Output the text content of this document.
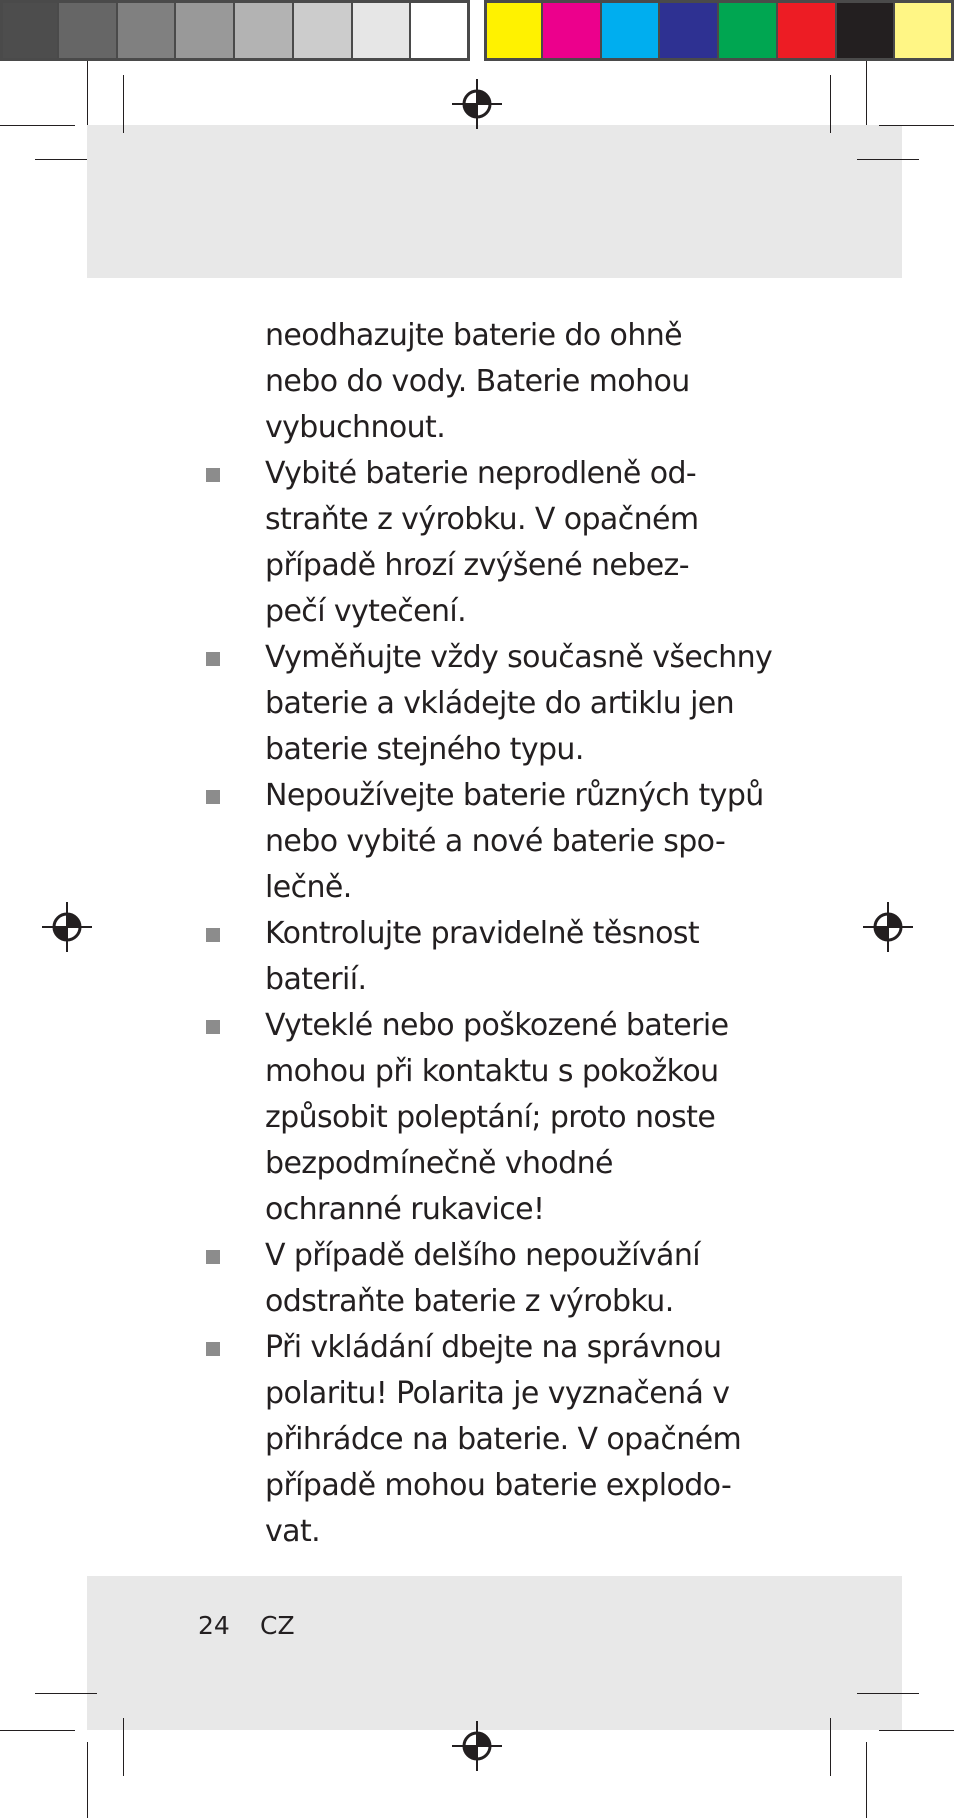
neodhazujte baterie do ohně
nebo do vody. Baterie mohou
vybuchnout.
Vybité baterie neprodleně od-
straňte z výrobku. V opačném
případě hrozí zvýšené nebez-
pečí vytečení.
Vyměňujte vždy současně všechny
baterie a vkládejte do artiklu jen
baterie stejného typu.
Nepoužívejte baterie různých typů
nebo vybité a nové baterie spo-
lečně.
Kontrolujte pravidelně těsnost
baterií.
Vyteklé nebo poškozené baterie
mohou při kontaktu s pokožkou
způsobit poleptání; proto noste
bezpodmínečně vhodné
ochranné rukavice!
V případě delšího nepoužívání
odstraňte baterie z výrobku.
Při vkládání dbejte na správnou
polaritu! Polarita je vyznačená v
přihrádce na baterie. V opačném
případě mohou baterie explodo-
vat.
24 CZ
